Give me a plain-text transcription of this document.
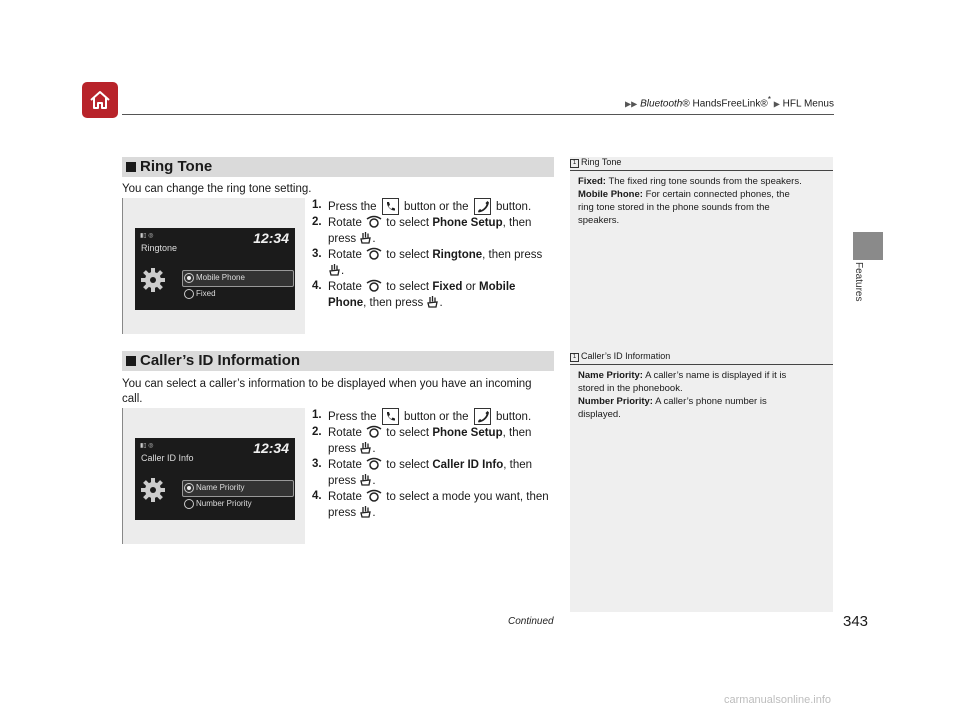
▶▶ Bluetooth® HandsFreeLink®* ▶ HFL Menus
Features
Ring Tone
You can change the ring tone setting.
▮▯ ◎	12:34
Ringtone
Mobile Phone
Fixed
1. Press the button or the button.
2. Rotate to select Phone Setup, then
press .
3. Rotate to select Ringtone, then press
.
4. Rotate to select Fixed or Mobile
Phone, then press .
Caller’s ID Information
You can select a caller’s information to be displayed when you have an incoming
call.
▮▯ ◎	12:34
Caller ID Info
Name Priority
Number Priority
1. Press the button or the button.
2. Rotate to select Phone Setup, then
press .
3. Rotate to select Caller ID Info, then
press .
4. Rotate to select a mode you want, then
press .
1 Ring Tone
Fixed: The fixed ring tone sounds from the speakers.
Mobile Phone: For certain connected phones, the
ring tone stored in the phone sounds from the
speakers.
1 Caller’s ID Information
Name Priority: A caller’s name is displayed if it is
stored in the phonebook.
Number Priority: A caller’s phone number is
displayed.
Continued	343
carmanualsonline.info
